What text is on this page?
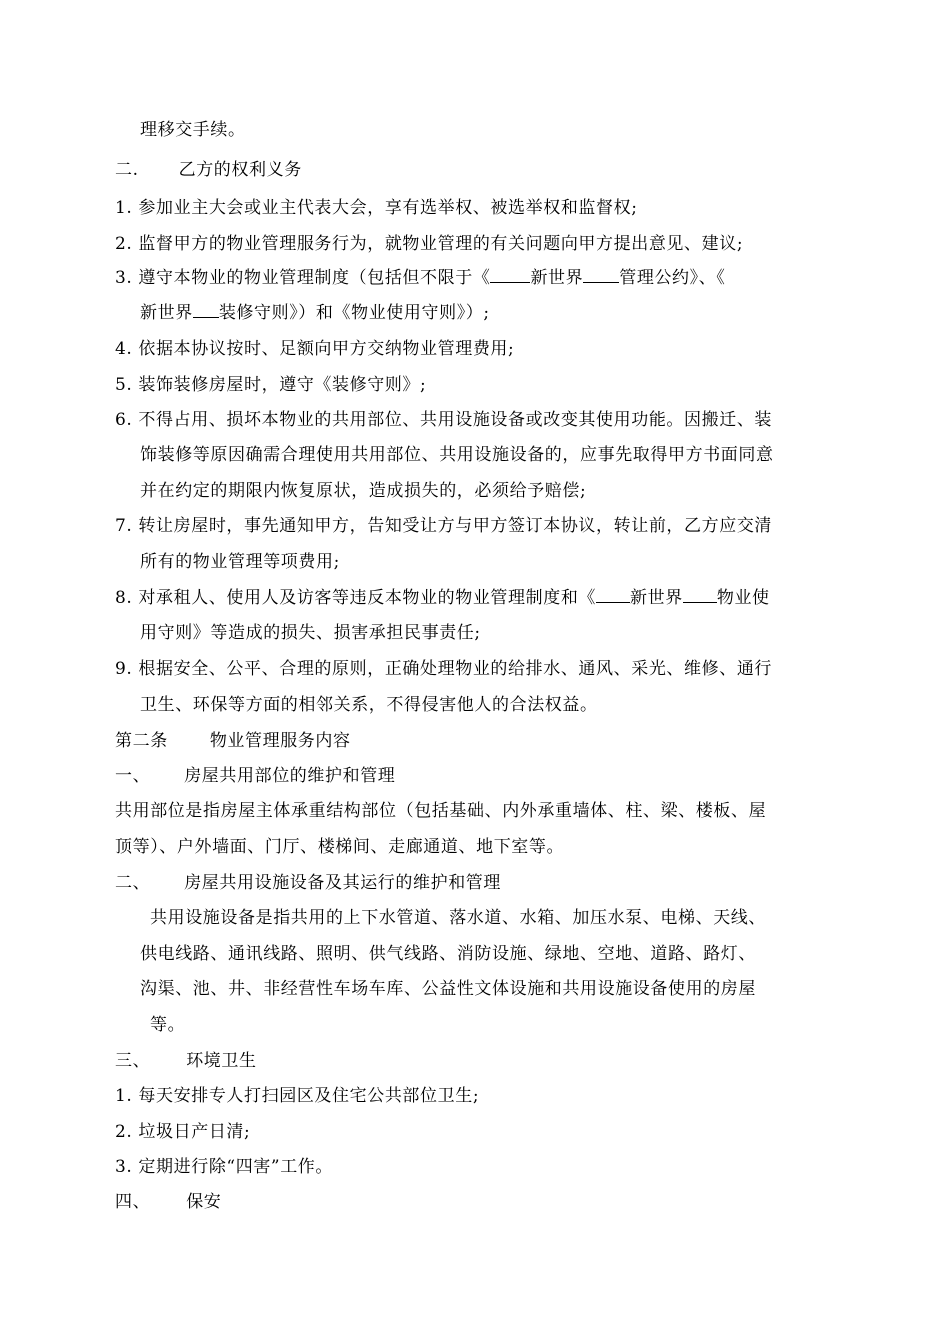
理移交手续。
二. 乙方的权利义务
1. 参加业主大会或业主代表大会，享有选举权、被选举权和监督权;
2. 监督甲方的物业管理服务行为，就物业管理的有关问题向甲方提出意见、建议;
3. 遵守本物业的物业管理制度（包括但不限于《 新世界 管理公约》、《
新世界 装修守则》）和《物业使用守则》）;
4. 依据本协议按时、足额向甲方交纳物业管理费用;
5. 装饰装修房屋时，遵守《装修守则》;
6. 不得占用、损坏本物业的共用部位、共用设施设备或改变其使用功能。因搬迁、装
饰装修等原因确需合理使用共用部位、共用设施设备的，应事先取得甲方书面同意
并在约定的期限内恢复原状，造成损失的，必须给予赔偿;
7. 转让房屋时，事先通知甲方，告知受让方与甲方签订本协议，转让前，乙方应交清
所有的物业管理等项费用;
8. 对承租人、使用人及访客等违反本物业的物业管理制度和《 新世界 物业使
用守则》等造成的损失、损害承担民事责任;
9. 根据安全、公平、合理的原则，正确处理物业的给排水、通风、采光、维修、通行
卫生、环保等方面的相邻关系，不得侵害他人的合法权益。
第二条 物业管理服务内容
一、 房屋共用部位的维护和管理
共用部位是指房屋主体承重结构部位（包括基础、内外承重墙体、柱、梁、楼板、屋
顶等）、户外墙面、门厅、楼梯间、走廊通道、地下室等。
二、 房屋共用设施设备及其运行的维护和管理
共用设施设备是指共用的上下水管道、落水道、水箱、加压水泵、电梯、天线、
供电线路、通讯线路、照明、供气线路、消防设施、绿地、空地、道路、路灯、
沟渠、池、井、非经营性车场车库、公益性文体设施和共用设施设备使用的房屋
等。
三、 环境卫生
1. 每天安排专人打扫园区及住宅公共部位卫生;
2. 垃圾日产日清;
3. 定期进行除“四害”工作。
四、 保安
